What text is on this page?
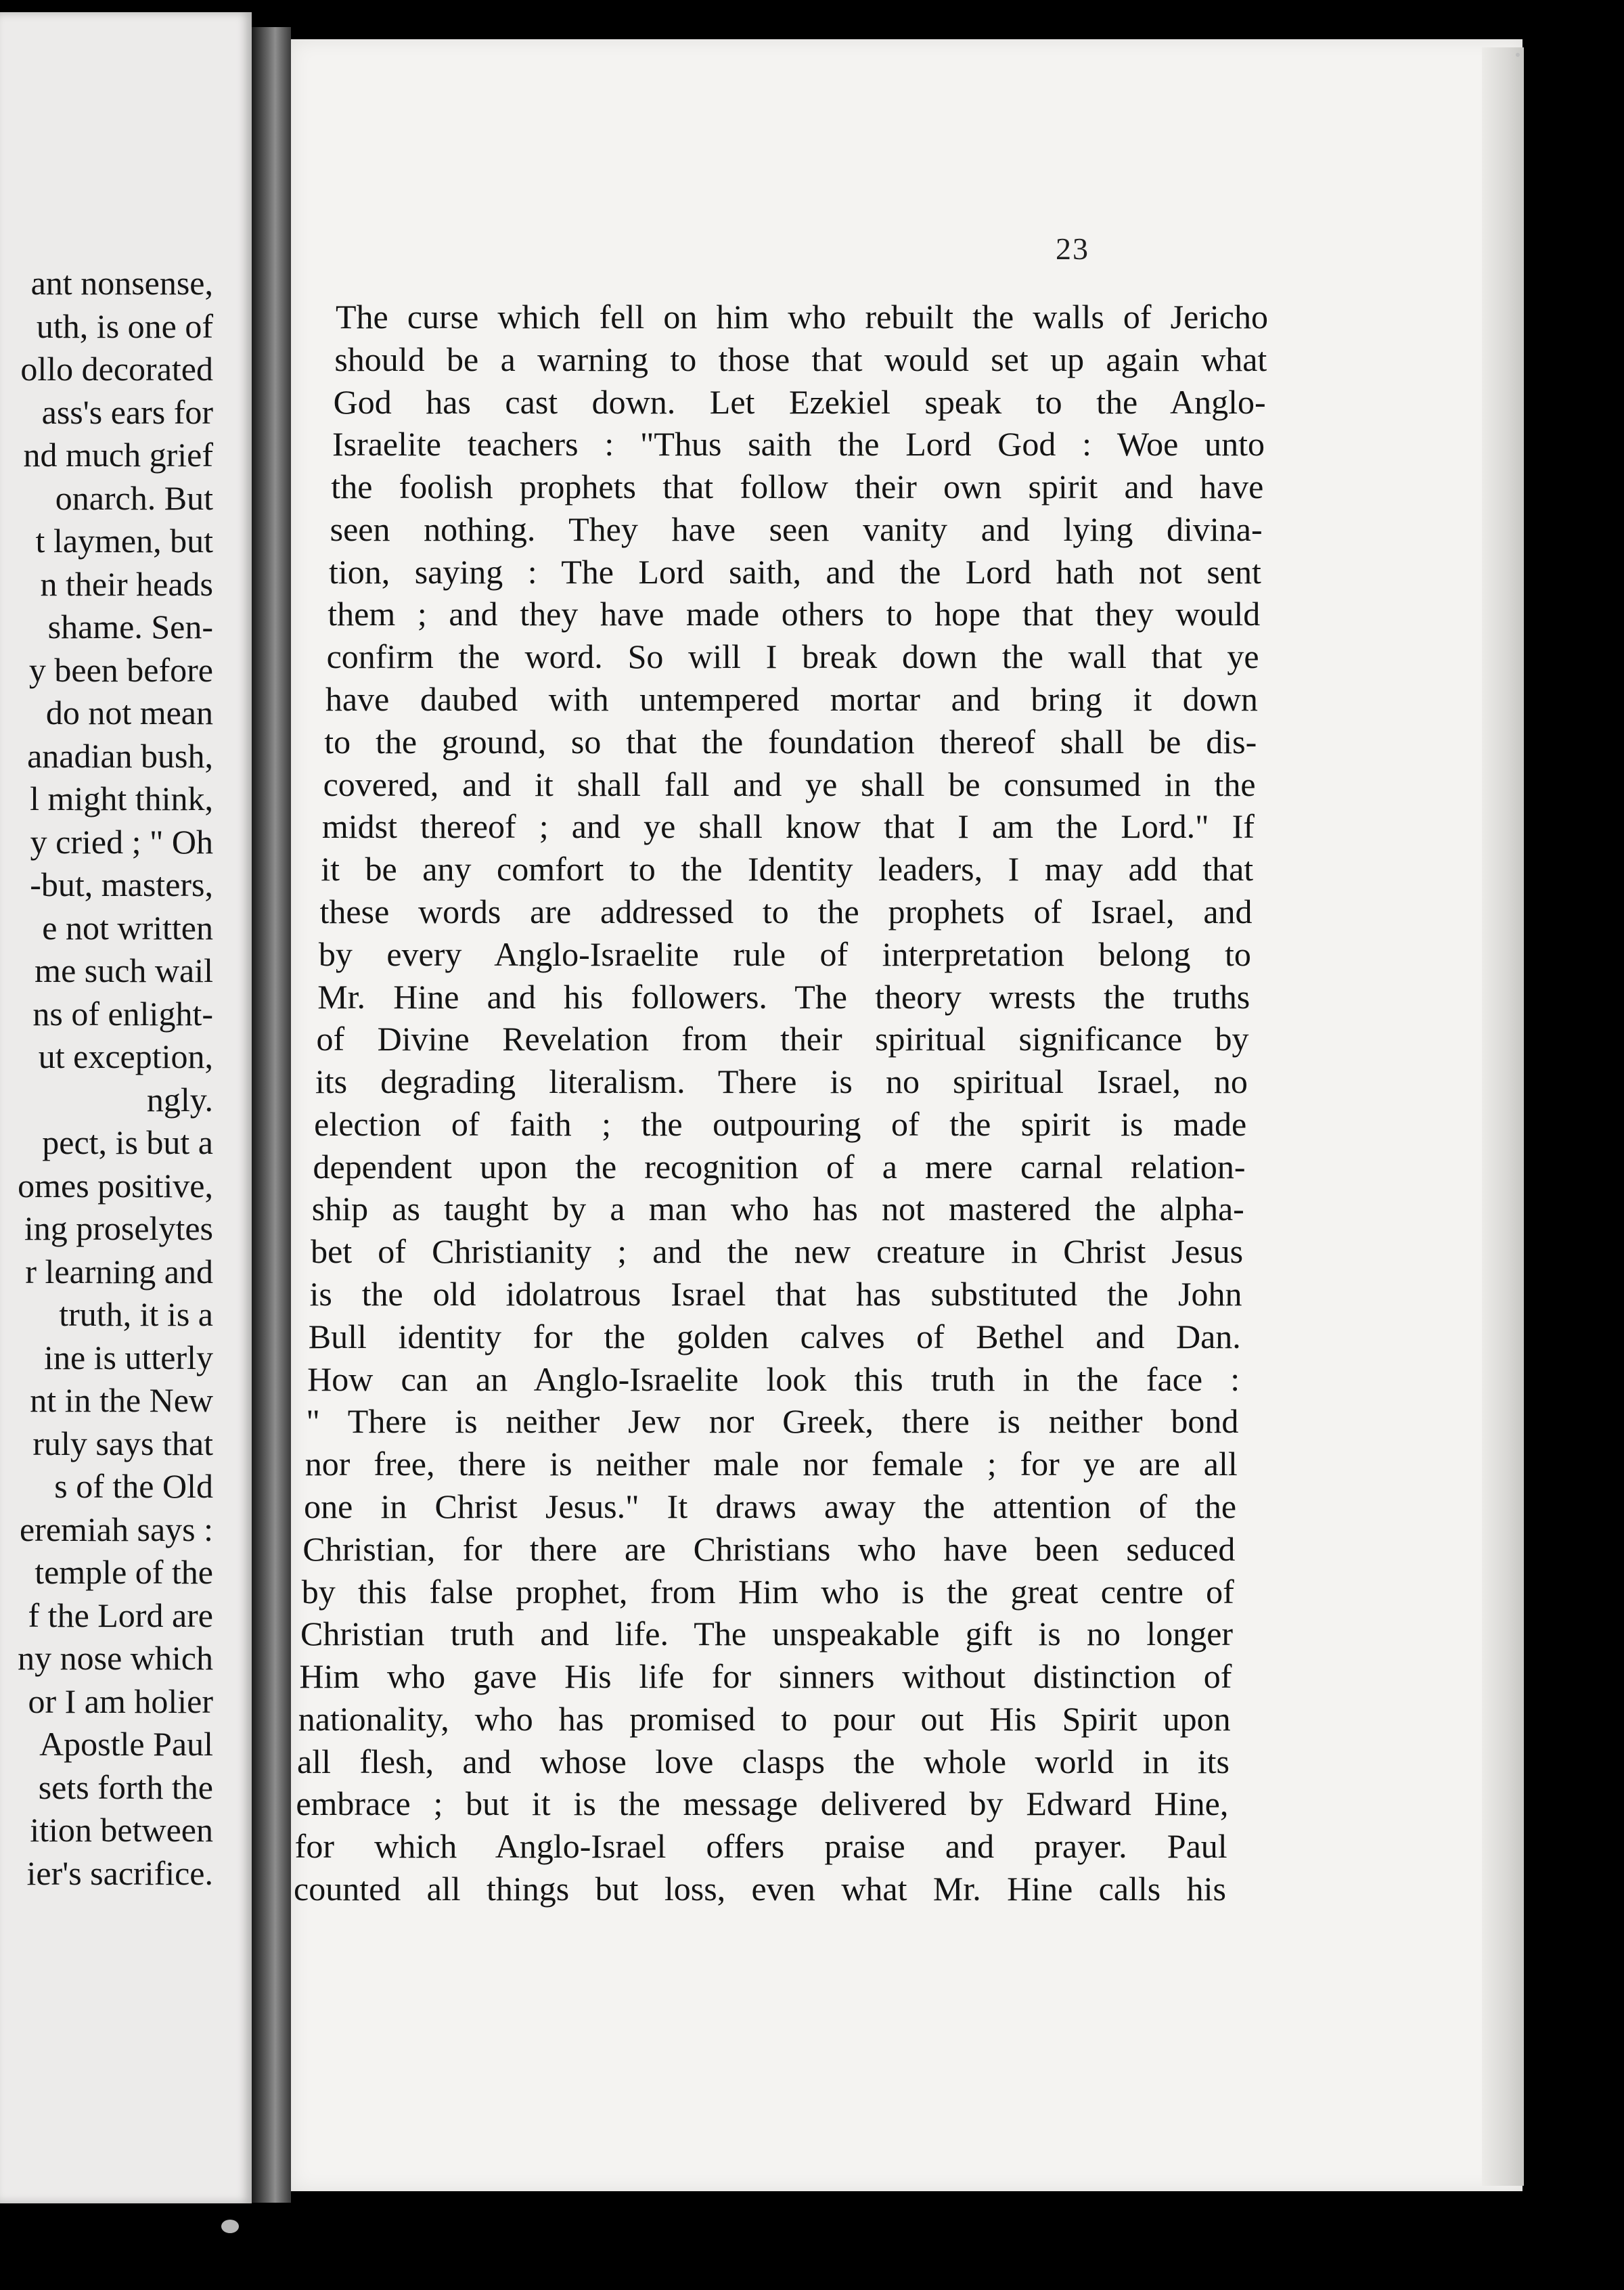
ant nonsense,
uth, is one of
ollo decorated
ass's ears for
nd much grief
onarch. But
t laymen, but
n their heads
shame. Sen-
y been before
do not mean
anadian bush,
l might think,
y cried ; " Oh
-but, masters,
e not written
me such wail
ns of enlight-
ut exception,
ngly.
pect, is but a
omes positive,
ing proselytes
r learning and
truth, it is a
ine is utterly
nt in the New
ruly says that
s of the Old
eremiah says :
temple of the
f the Lord are
ny nose which
or I am holier
Apostle Paul
sets forth the
ition between
ier's sacrifice.
23
The curse which fell on him who rebuilt the walls of Jericho
should be a warning to those that would set up again what
God has cast down. Let Ezekiel speak to the Anglo-
Israelite teachers : "Thus saith the Lord God : Woe unto
the foolish prophets that follow their own spirit and have
seen nothing. They have seen vanity and lying divina-
tion, saying : The Lord saith, and the Lord hath not sent
them ; and they have made others to hope that they would
confirm the word. So will I break down the wall that ye
have daubed with untempered mortar and bring it down
to the ground, so that the foundation thereof shall be dis-
covered, and it shall fall and ye shall be consumed in the
midst thereof ; and ye shall know that I am the Lord." If
it be any comfort to the Identity leaders, I may add that
these words are addressed to the prophets of Israel, and
by every Anglo-Israelite rule of interpretation belong to
Mr. Hine and his followers. The theory wrests the truths
of Divine Revelation from their spiritual significance by
its degrading literalism. There is no spiritual Israel, no
election of faith ; the outpouring of the spirit is made
dependent upon the recognition of a mere carnal relation-
ship as taught by a man who has not mastered the alpha-
bet of Christianity ; and the new creature in Christ Jesus
is the old idolatrous Israel that has substituted the John
Bull identity for the golden calves of Bethel and Dan.
How can an Anglo-Israelite look this truth in the face :
" There is neither Jew nor Greek, there is neither bond
nor free, there is neither male nor female ; for ye are all
one in Christ Jesus." It draws away the attention of the
Christian, for there are Christians who have been seduced
by this false prophet, from Him who is the great centre of
Christian truth and life. The unspeakable gift is no longer
Him who gave His life for sinners without distinction of
nationality, who has promised to pour out His Spirit upon
all flesh, and whose love clasps the whole world in its
embrace ; but it is the message delivered by Edward Hine,
for which Anglo-Israel offers praise and prayer. Paul
counted all things but loss, even what Mr. Hine calls his
